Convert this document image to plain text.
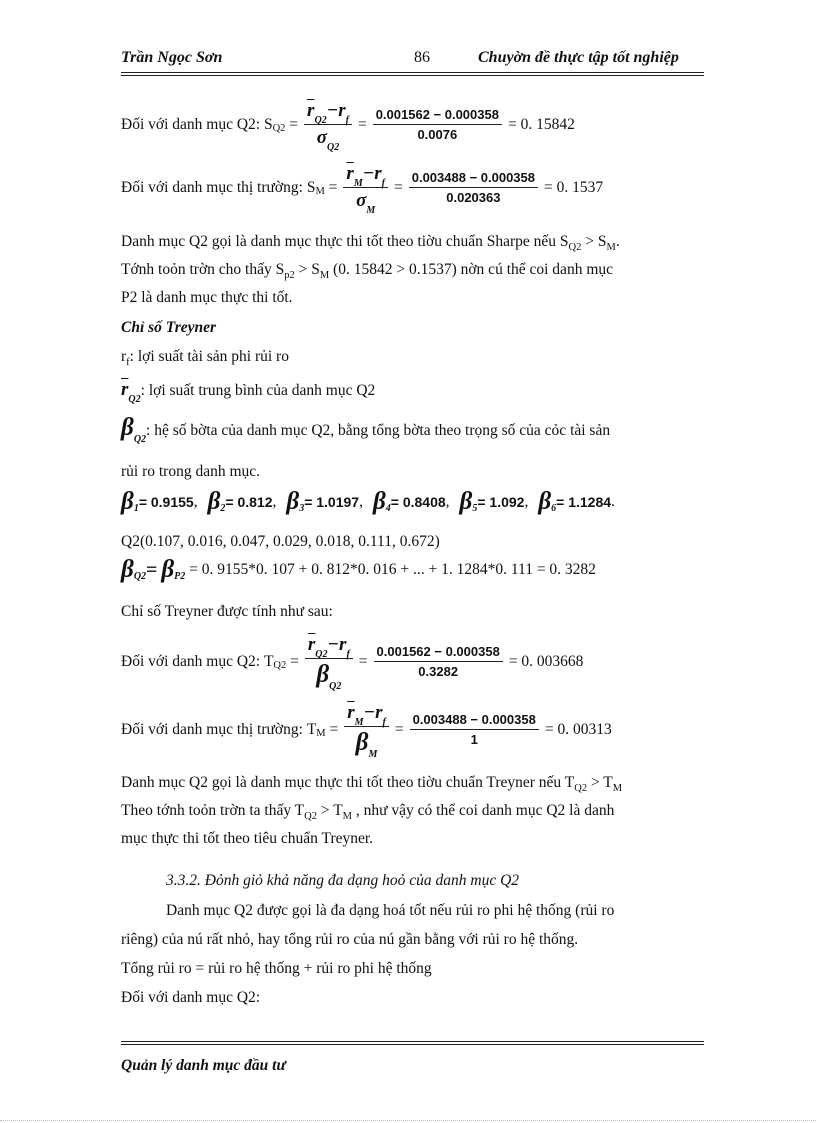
Trần Ngọc Sơn	86	Chuyờn đề thực tập tốt nghiệp
Đối với danh mục Q2:
S $Q2 = \frac{\overline{r}_{Q2}-r_f}{\sigma_{Q2}} = \frac{0.001562 - 0.000358}{0.0076} = 0$. 15842
Đối với danh mục thị trường:
S $M = \frac{\overline{r}_M-r_f}{\sigma_M} = \frac{0.003488 - 0.000358}{0.020363} = 0$. 1537
Danh mục Q2 gọi là danh mục thực thi tốt theo tiờu chuẩn Sharpe nếu $S_{Q2} > S_M$.
Tớnh toỏn trờn cho thấy $S_{p2} > S_M$ (0. 15842 > 0.1537) nờn cú thể coi danh mục
P2 là danh mục thực thi tốt.
Chỉ số Treyner
$r_f$: lợi suất tài sản phi rủi ro
$\overline{r}_{Q2}$: lợi suất trung bình của danh mục Q2
$\beta_{Q2}$: hệ số bờta của danh mục Q2, bằng tổng bờta theo trọng số của cỏc tài sản
rủi ro trong danh mục.
β 1 = 0.9155 , β 2 = 0.812 , β 3 = 1.0197 , β 4 = 0.8408 , β 5 = 1.092 , β 6 = 1.1284 .
Q2(0.107, 0.016, 0.047, 0.029, 0.018, 0.111, 0.672)
β Q2 =
β P2
= 0. 9155*0. 107 + 0. 812*0. 016 + ... + 1. 1284*0. 111 = 0. 3282
Chỉ số Treyner được tính như sau:
Đối với danh mục Q2:
T $Q2 = \frac{\overline{r}_{Q2}-r_f}{\beta_{Q2}} = \frac{0.001562 - 0.000358}{0.3282} = 0$. 003668
Đối với danh mục thị trường:
T $M = \frac{\overline{r}_M-r_f}{\beta_M} = \frac{0.003488 - 0.000358}{1} = 0$. 00313
Danh mục Q2 gọi là danh mục thực thi tốt theo tiờu chuẩn Treyner nếu $T_{Q2} > T_M$
Theo tớnh toỏn trờn ta thấy $T_{Q2} > T_M$ , như vậy có thể coi danh mục Q2 là danh
mục thực thi tốt theo tiêu chuẩn Treyner.
3.3.2. Đỏnh giỏ khả năng đa dạng hoỏ của danh mục Q2
Danh mục Q2 được gọi là đa dạng hoá tốt nếu rủi ro phi hệ thống (rủi ro
riêng) của nú rất nhỏ, hay tổng rủi ro của nú gần bằng với rủi ro hệ thống.
Tổng rủi ro = rủi ro hệ thống + rủi ro phi hệ thống
Đối với danh mục Q2:
Quản lý danh mục đầu tư
